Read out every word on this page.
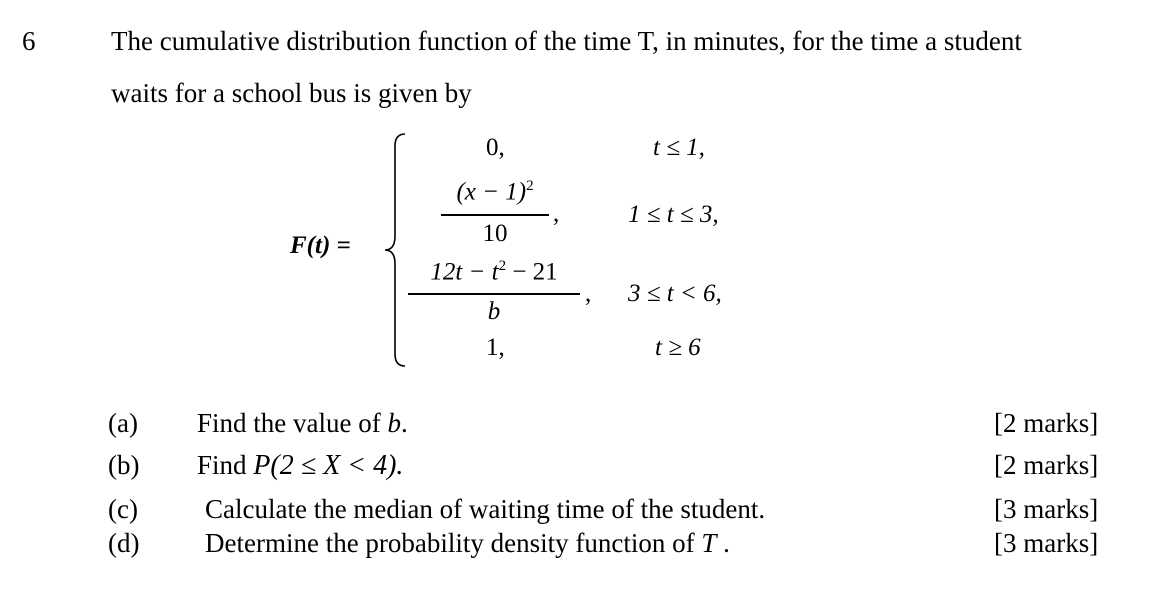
6	The cumulative distribution function of the time T, in minutes, for the time a student
waits for a school bus is given by
F(t) =
0,	t ≤ 1,
$(x - 1)^2$
10
,	1 ≤ t ≤ 3,
$12t - t^2 - 21$
b
, 3 ≤ t < 6,
1,	t ≥ 6
(a) Find the value of b.	[2 marks]
(b) Find P(2 ≤ X < 4).	[2 marks]
(c) Calculate the median of waiting time of the student.	[3 marks]
(d) Determine the probability density function of T .	[3 marks]
